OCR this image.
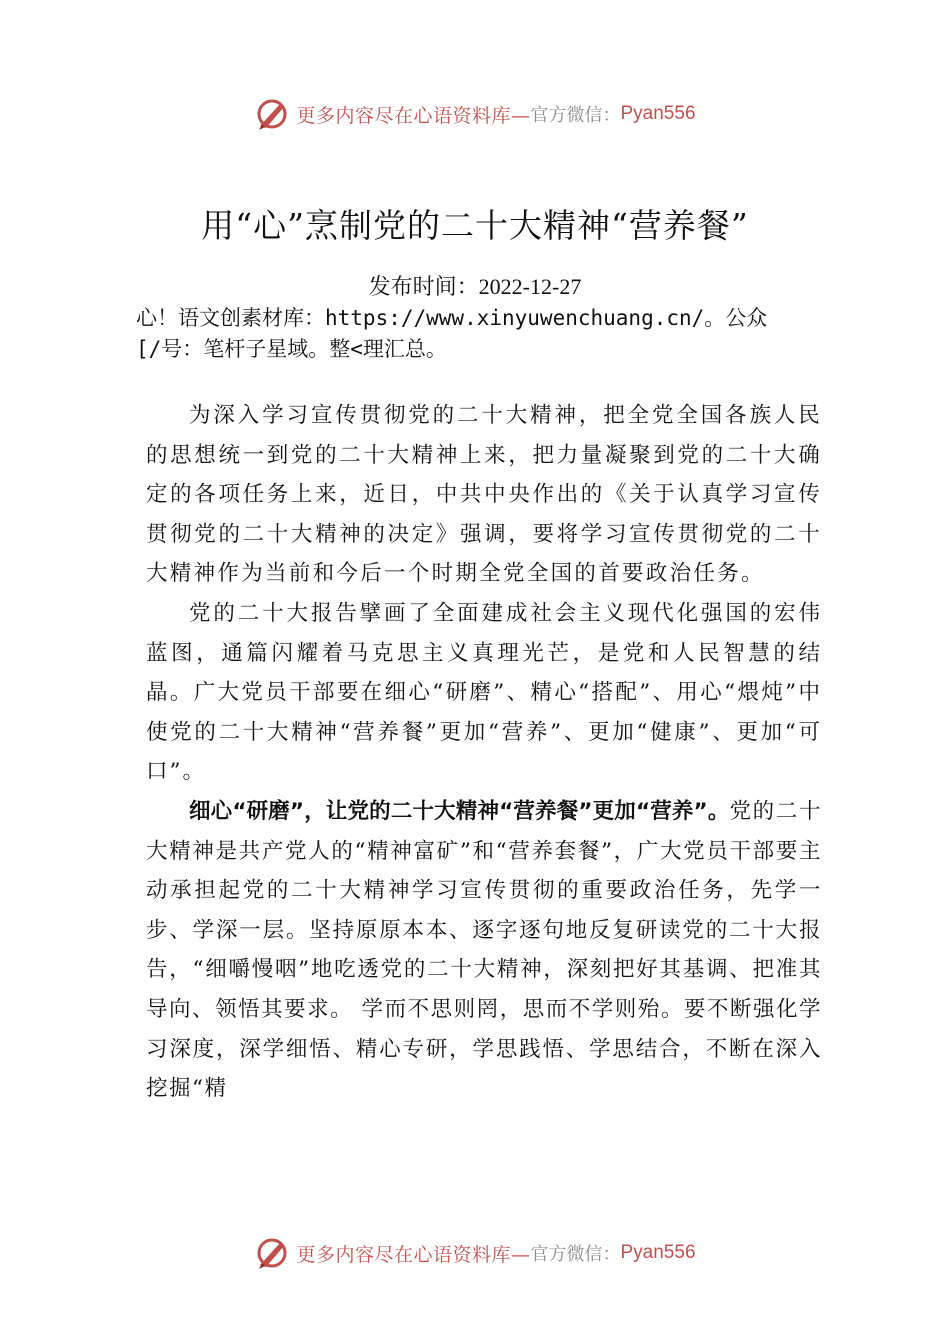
更多内容尽在心语资料库— 官方微信： Pyan556
用“心”烹制党的二十大精神“营养餐”
发布时间：2022-12-27
心！语文创素材库：https://www.xinyuwenchuang.cn/。公众
[/号：笔杆子星域。整<理汇总。

为深入学习宣传贯彻党的二十大精神，把全党全国各族人民的思想统一到党的二十大精神上来，把力量凝聚到党的二十大确定的各项任务上来，近日，中共中央作出的《关于认真学习宣传贯彻党的二十大精神的决定》强调，要将学习宣传贯彻党的二十大精神作为当前和今后一个时期全党全国的首要政治任务。

党的二十大报告擘画了全面建成社会主义现代化强国的宏伟蓝图，通篇闪耀着马克思主义真理光芒，是党和人民智慧的结晶。广大党员干部要在细心“研磨”、精心“搭配”、用心“煨炖”中使党的二十大精神“营养餐”更加“营养”、更加“健康”、更加“可口”。

细心“研磨”，让党的二十大精神“营养餐”更加“营养”。党的二十大精神是共产党人的“精神富矿”和“营养套餐”，广大党员干部要主动承担起党的二十大精神学习宣传贯彻的重要政治任务，先学一步、学深一层。坚持原原本本、逐字逐句地反复研读党的二十大报告，“细嚼慢咽”地吃透党的二十大精神，深刻把好其基调、把准其导向、领悟其要求。 学而不思则罔，思而不学则殆。要不断强化学习深度，深学细悟、精心专研，学思践悟、学思结合，不断在深入挖掘“精

更多内容尽在心语资料库— 官方微信： Pyan556
